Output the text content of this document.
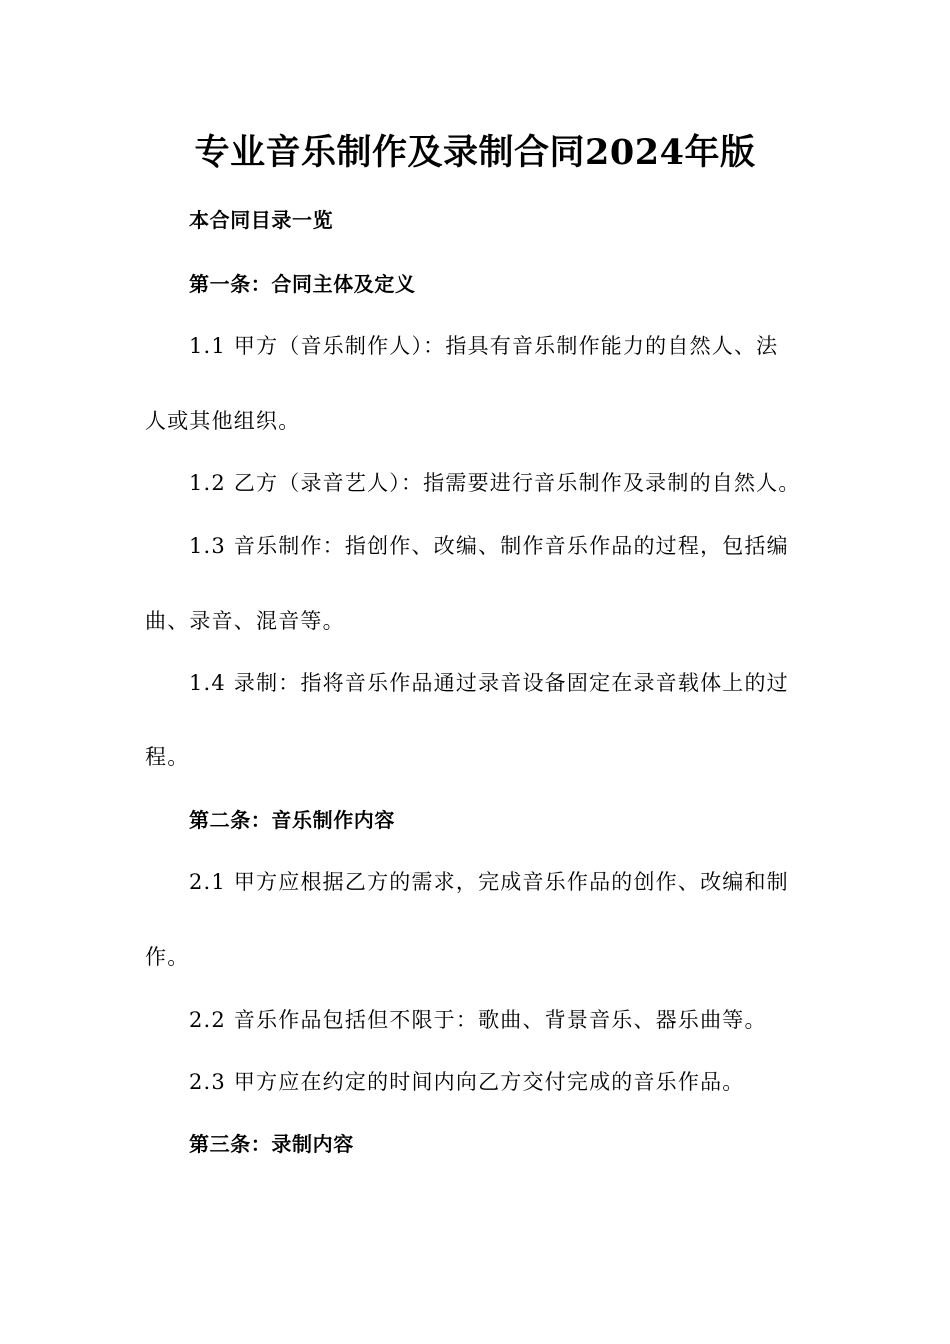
专业音乐制作及录制合同2024年版
本合同目录一览
第一条：合同主体及定义
1.1 甲方（音乐制作人）：指具有音乐制作能力的自然人、法
人或其他组织。
1.2 乙方（录音艺人）：指需要进行音乐制作及录制的自然人。
1.3 音乐制作：指创作、改编、制作音乐作品的过程，包括编
曲、录音、混音等。
1.4 录制：指将音乐作品通过录音设备固定在录音载体上的过
程。
第二条：音乐制作内容
2.1 甲方应根据乙方的需求，完成音乐作品的创作、改编和制
作。
2.2 音乐作品包括但不限于：歌曲、背景音乐、器乐曲等。
2.3 甲方应在约定的时间内向乙方交付完成的音乐作品。
第三条：录制内容
